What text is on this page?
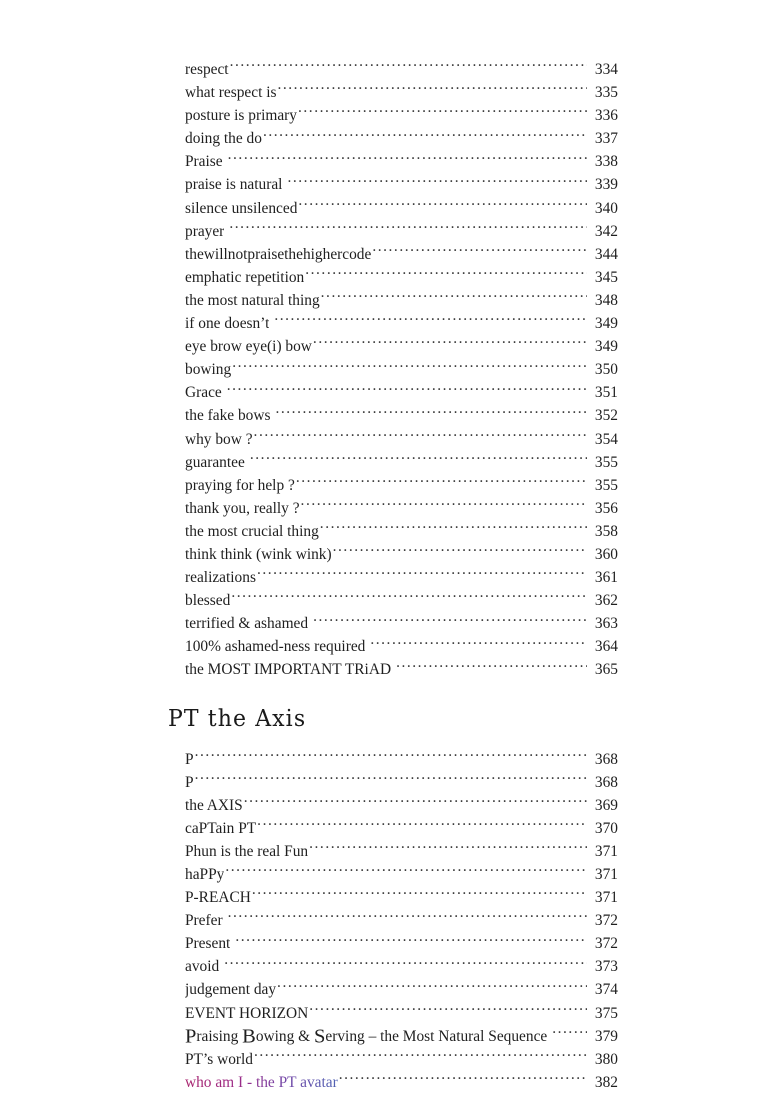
respect .....	334
what respect is .....	335
posture is primary .....	336
doing the do .....	337
Praise .....	338
praise is natural .....	339
silence unsilenced .....	340
prayer .....	342
thewillnotpraisethehighercode .....	344
emphatic repetition .....	345
the most natural thing .....	348
if one doesn’t .....	349
eye brow eye(i) bow .....	349
bowing .....	350
Grace .....	351
the fake bows .....	352
why bow ? .....	354
guarantee .....	355
praying for help ? .....	355
thank you, really ? .....	356
the most crucial thing .....	358
think think (wink wink) .....	360
realizations .....	361
blessed .....	362
terrified & ashamed .....	363
100% ashamed-ness required .....	364
the MOST IMPORTANT TRiAD .....	365
PT the Axis
P .....	368
P .....	368
the AXIS .....	369
caPTain PT .....	370
Phun is the real Fun .....	371
haPPy .....	371
P-REACH .....	371
Prefer .....	372
Present .....	372
avoid .....	373
judgement day .....	374
EVENT HORIZON .....	375
Praising Bowing & Serving – the Most Natural Sequence .....	379
PT’s world .....	380
who am I - the PT avatar .....	382
